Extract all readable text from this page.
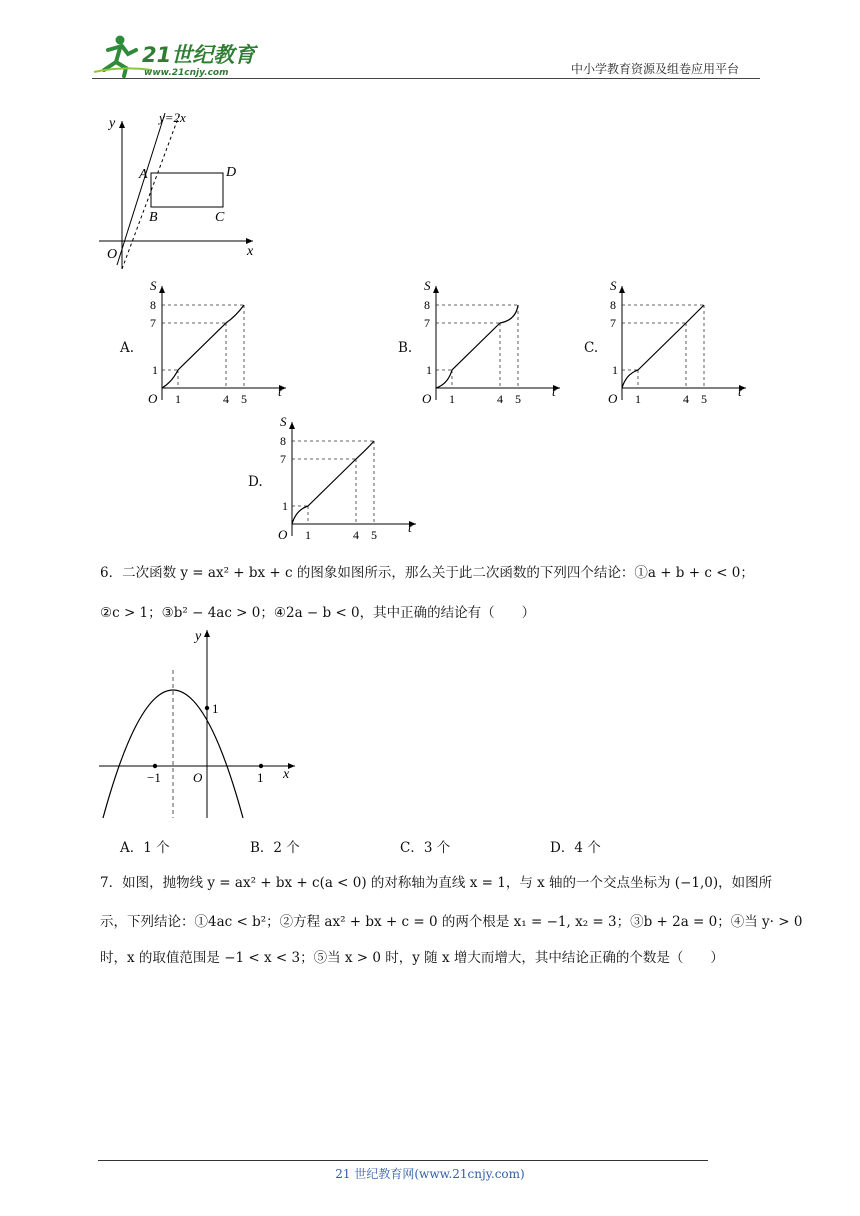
21世纪教育
www.21cnjy.com	中小学教育资源及组卷应用平台
y	y=2x
A	D
B	C
O	x
A.
S
8
7
1
O 1	4 5 t
B.
S
8
7
1
O 1	4 5 t
C.
S
8
7
1
O 1	4 5 t
D.
S
8
7
1
O 1	4 5 t
6．二次函数 y = ax² + bx + c 的图象如图所示，那么关于此二次函数的下列四个结论：①a + b + c < 0；
②c > 1；③b² − 4ac > 0；④2a − b < 0，其中正确的结论有（　　）
y
1
−1 O	1 x
A．1 个	B．2 个	C．3 个	D．4 个
7．如图，抛物线 y = ax² + bx + c(a < 0) 的对称轴为直线 x = 1，与 x 轴的一个交点坐标为 (−1,0)，如图所
示，下列结论：①4ac < b²；②方程 ax² + bx + c = 0 的两个根是 x₁ = −1, x₂ = 3；③b + 2a = 0；④当 y· > 0
时，x 的取值范围是 −1 < x < 3；⑤当 x > 0 时，y 随 x 增大而增大，其中结论正确的个数是（　　）
21 世纪教育网(www.21cnjy.com)
